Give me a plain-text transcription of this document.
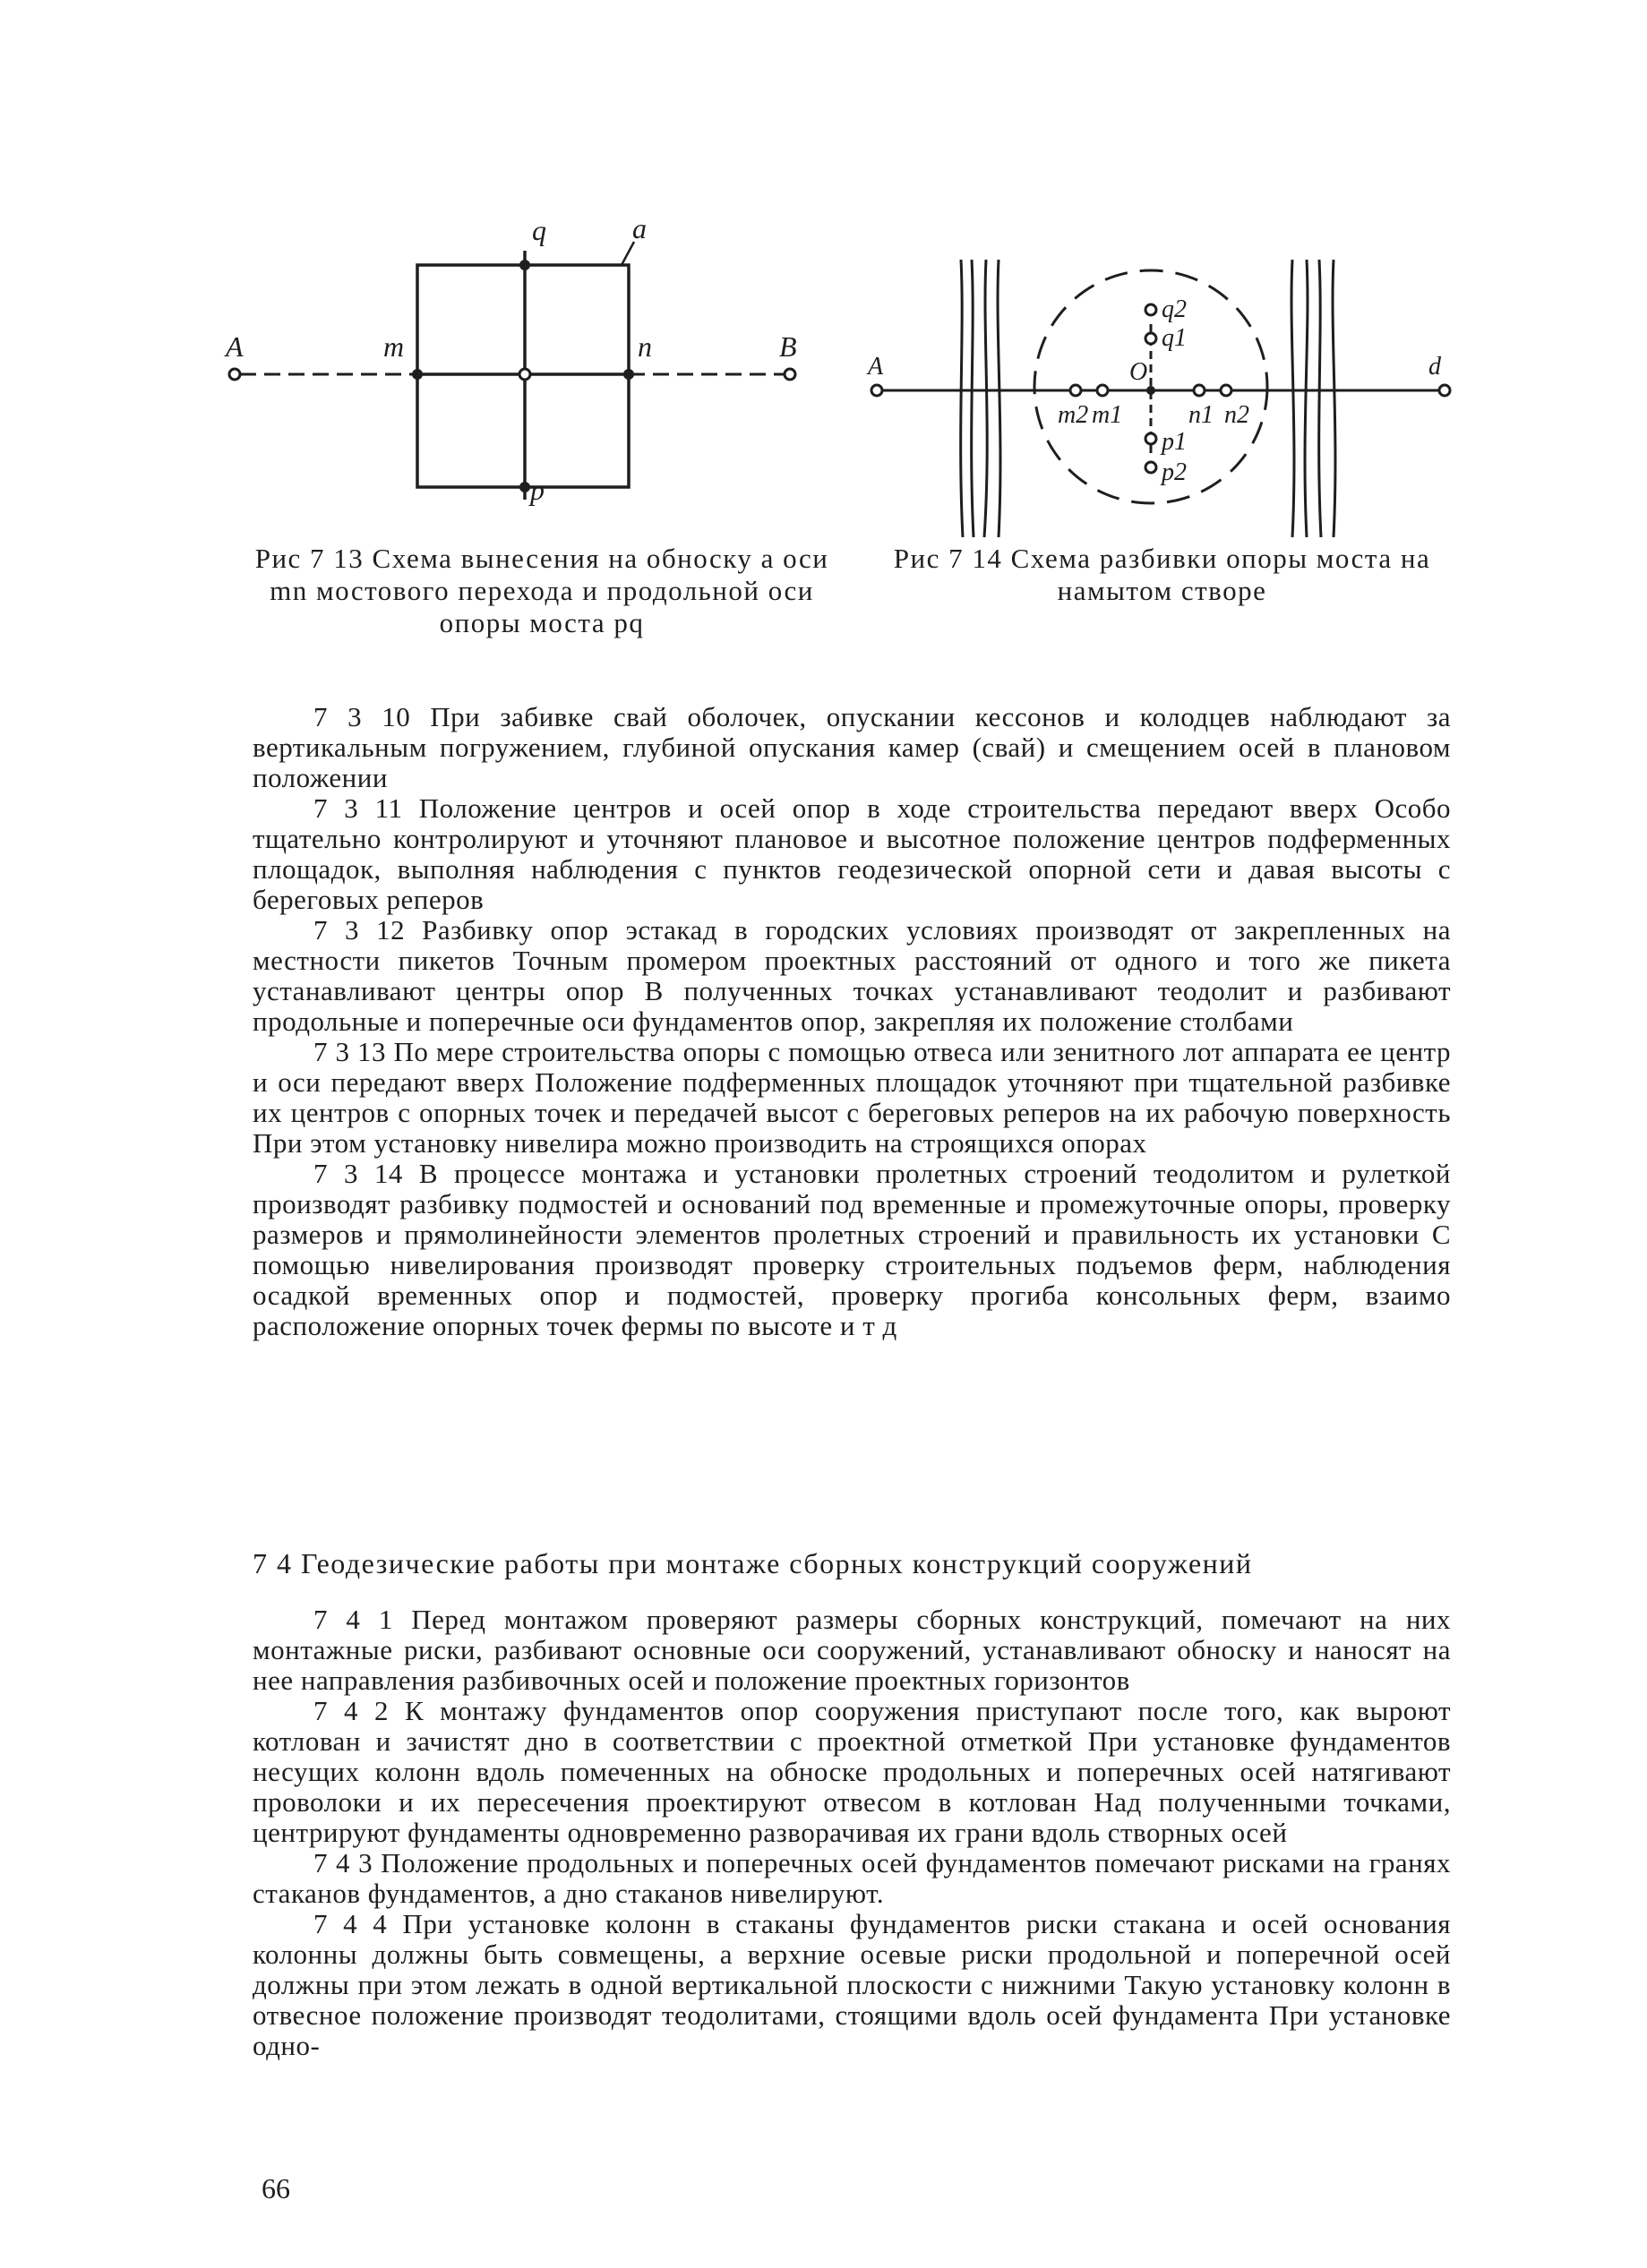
A	m	n	B
q	a
p
Рис 7 13 Схема вынесения на обноску а оси mn мостового перехода и продольной оси опоры моста pq
A	d
O
q2
q1
p1
p2
m2 m1	n1 n2
Рис 7 14 Схема разбивки опоры моста на намытом створе

7 3 10 При забивке свай оболочек, опускании кессонов и колодцев наблюдают за вертикальным погружением, глубиной опускания камер (свай) и смещением осей в плановом положении

7 3 11 Положение центров и осей опор в ходе строительства передают вверх Особо тщательно контролируют и уточняют плановое и высотное положение центров подферменных площадок, выполняя наблюдения с пунктов геодезической опорной сети и давая высоты с береговых реперов

7 3 12 Разбивку опор эстакад в городских условиях производят от закрепленных на местности пикетов Точным промером проектных расстояний от одного и того же пикета устанавливают центры опор В полученных точках устанавливают теодолит и разбивают продольные и поперечные оси фундаментов опор, закрепляя их положение столбами

7 3 13 По мере строительства опоры с помощью отвеса или зенитного лот аппарата ее центр и оси передают вверх Положение подферменных площадок уточняют при тщательной разбивке их центров с опорных точек и передачей высот с береговых реперов на их рабочую поверхность При этом установку нивелира можно производить на строящихся опорах

7 3 14 В процессе монтажа и установки пролетных строений теодолитом и рулеткой производят разбивку подмостей и оснований под временные и промежуточные опоры, проверку размеров и прямолинейности элементов пролетных строений и правильность их установки С помощью нивелирования производят проверку строительных подъемов ферм, наблюдения осадкой временных опор и подмостей, проверку прогиба консольных ферм, взаимо расположение опорных точек фермы по высоте и т д

7 4 Геодезические работы при монтаже сборных конструкций сооружений

7 4 1 Перед монтажом проверяют размеры сборных конструкций, помечают на них монтажные риски, разбивают основные оси сооружений, устанавливают обноску и наносят на нее направления разбивочных осей и положение проектных горизонтов

7 4 2 К монтажу фундаментов опор сооружения приступают после того, как выроют котлован и зачистят дно в соответствии с проектной отметкой При установке фундаментов несущих колонн вдоль помеченных на обноске продольных и поперечных осей натягивают проволоки и их пересечения проектируют отвесом в котлован Над полученными точками, центрируют фундаменты одновременно разворачивая их грани вдоль створных осей

7 4 3 Положение продольных и поперечных осей фундаментов помечают рисками на гранях стаканов фундаментов, а дно стаканов нивелируют.

7 4 4 При установке колонн в стаканы фундаментов риски стакана и осей основания колонны должны быть совмещены, а верхние осевые риски продольной и поперечной осей должны при этом лежать в одной вертикальной плоскости с нижними Такую установку колонн в отвесное положение производят теодолитами, стоящими вдоль осей фундамента При установке одно-

66
